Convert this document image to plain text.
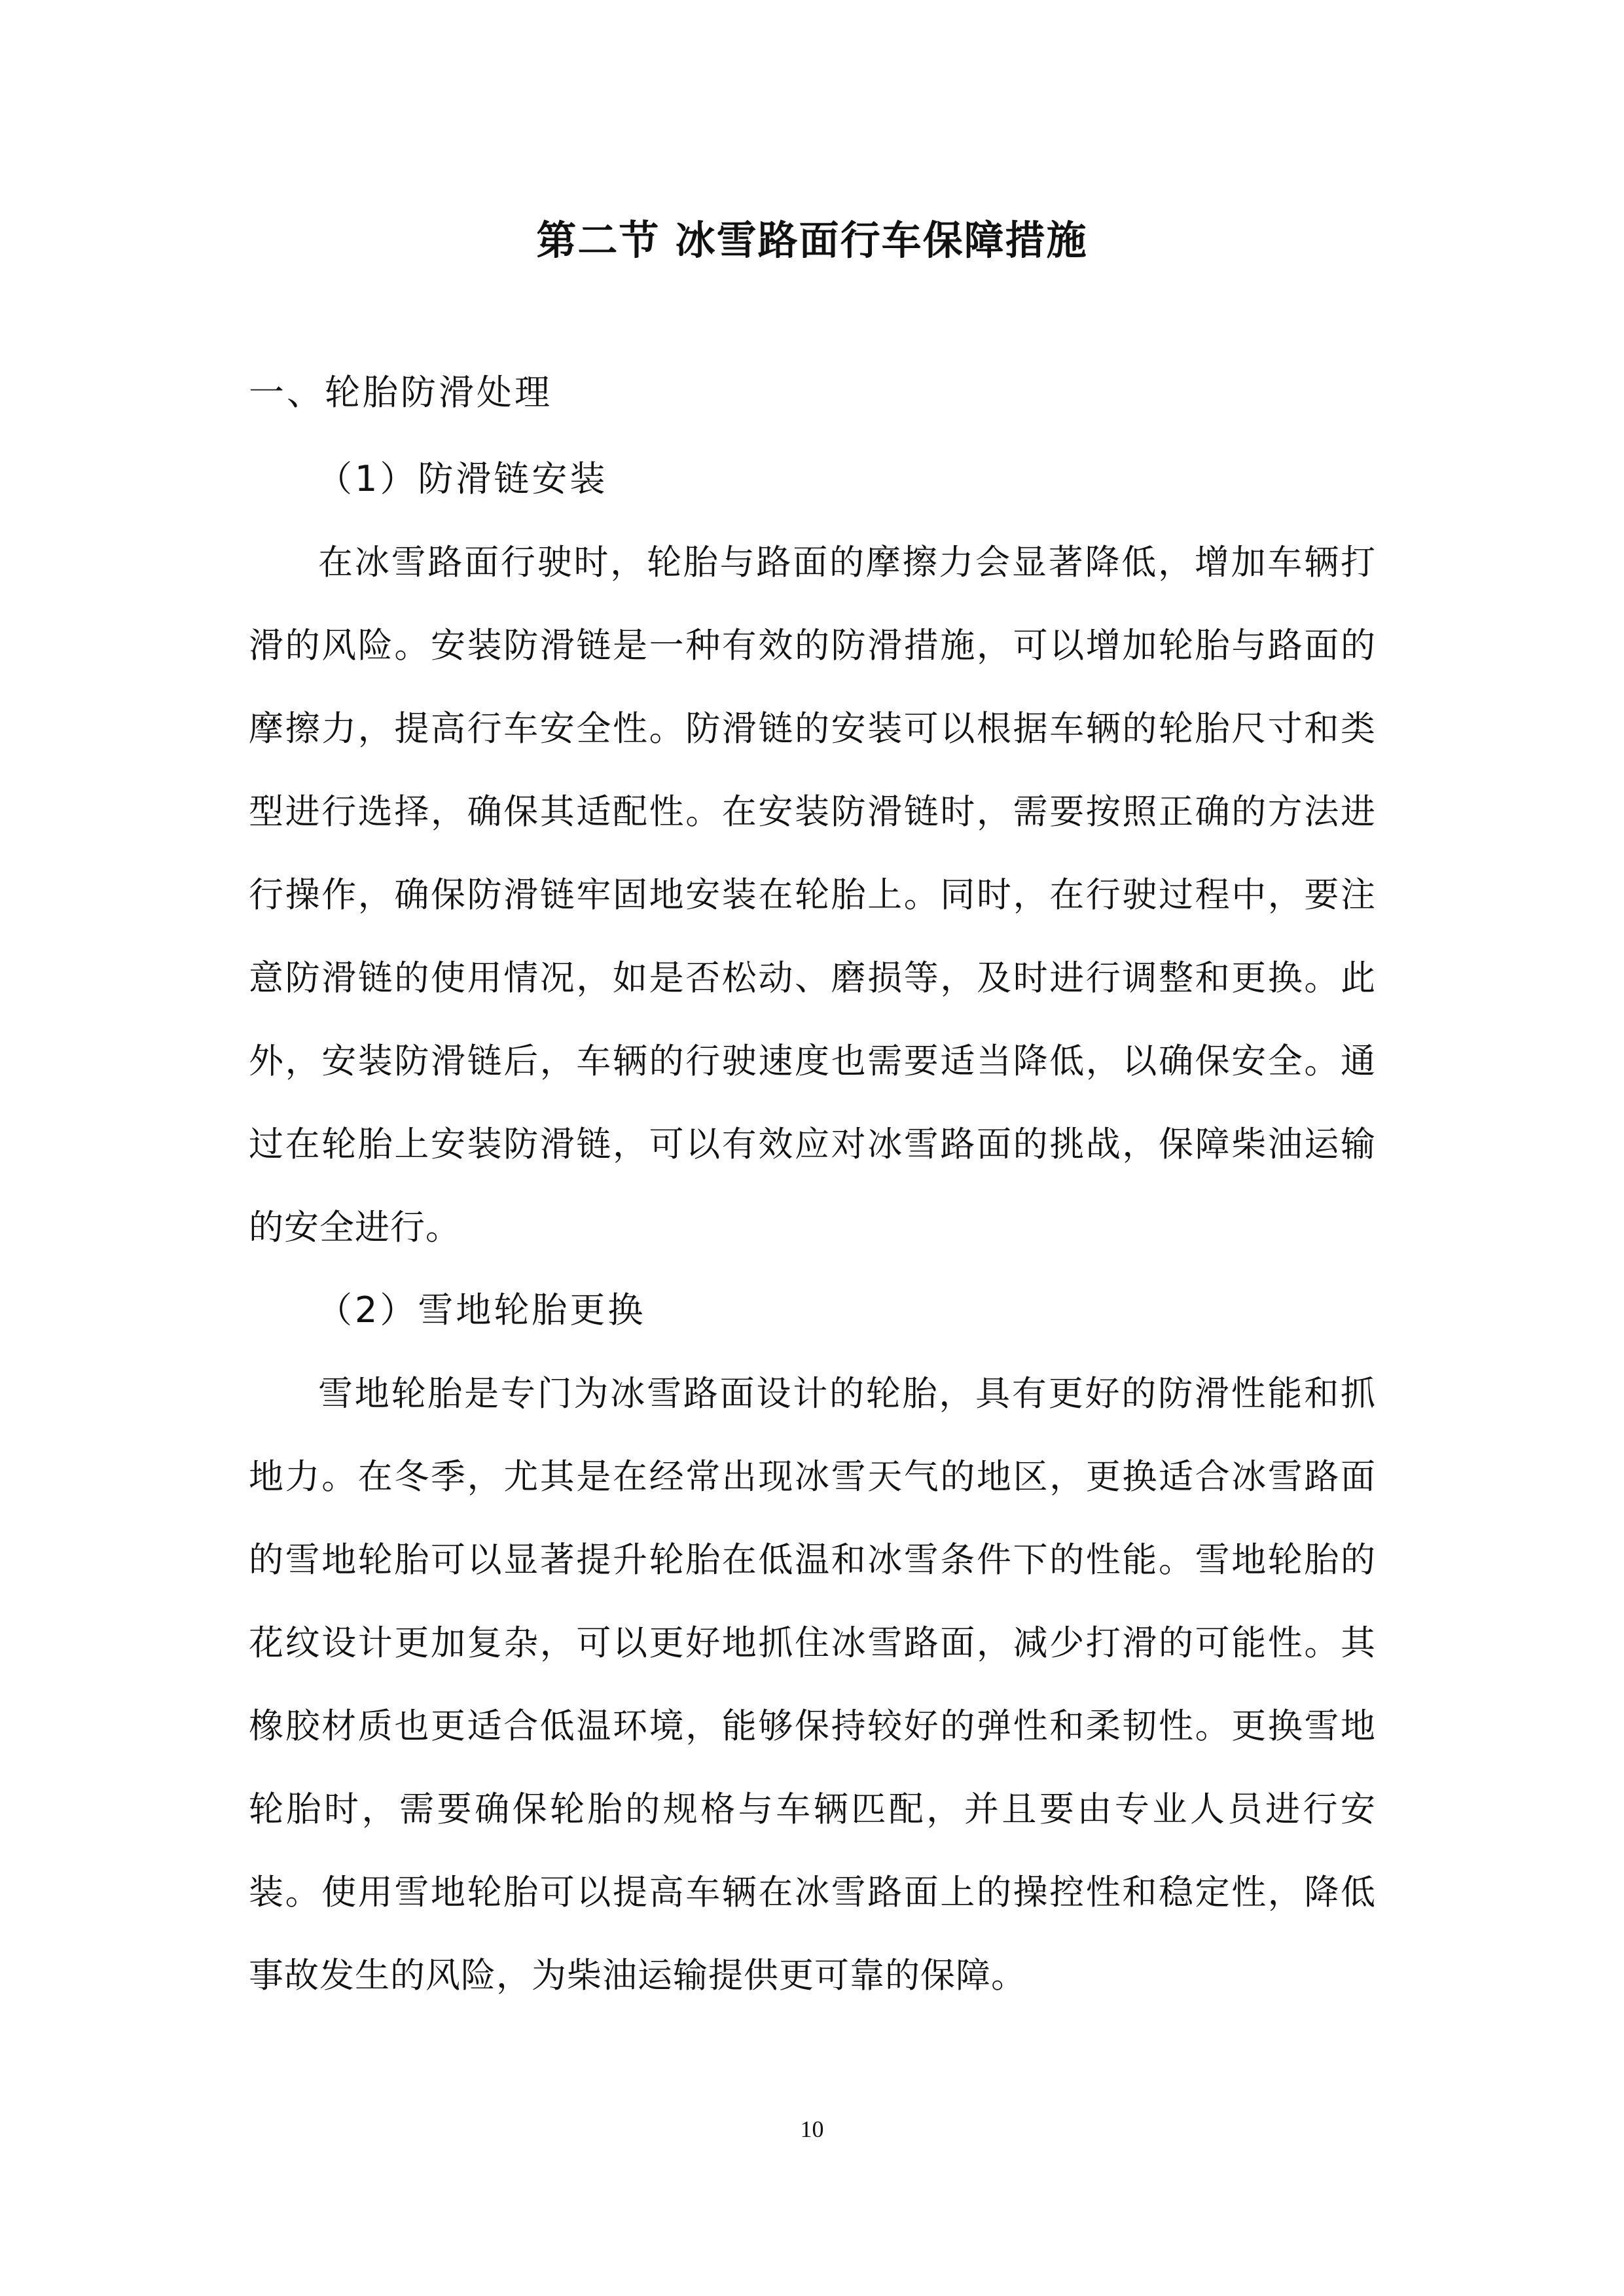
第二节 冰雪路面行车保障措施
一、轮胎防滑处理
（1）防滑链安装

在冰雪路面行驶时，轮胎与路面的摩擦力会显著降低，增加车辆打滑的风险。安装防滑链是一种有效的防滑措施，可以增加轮胎与路面的摩擦力，提高行车安全性。防滑链的安装可以根据车辆的轮胎尺寸和类型进行选择，确保其适配性。在安装防滑链时，需要按照正确的方法进行操作，确保防滑链牢固地安装在轮胎上。同时，在行驶过程中，要注意防滑链的使用情况，如是否松动、磨损等，及时进行调整和更换。此外，安装防滑链后，车辆的行驶速度也需要适当降低，以确保安全。通过在轮胎上安装防滑链，可以有效应对冰雪路面的挑战，保障柴油运输的安全进行。

（2）雪地轮胎更换

雪地轮胎是专门为冰雪路面设计的轮胎，具有更好的防滑性能和抓地力。在冬季，尤其是在经常出现冰雪天气的地区，更换适合冰雪路面的雪地轮胎可以显著提升轮胎在低温和冰雪条件下的性能。雪地轮胎的花纹设计更加复杂，可以更好地抓住冰雪路面，减少打滑的可能性。其橡胶材质也更适合低温环境，能够保持较好的弹性和柔韧性。更换雪地轮胎时，需要确保轮胎的规格与车辆匹配，并且要由专业人员进行安装。使用雪地轮胎可以提高车辆在冰雪路面上的操控性和稳定性，降低事故发生的风险，为柴油运输提供更可靠的保障。

10
